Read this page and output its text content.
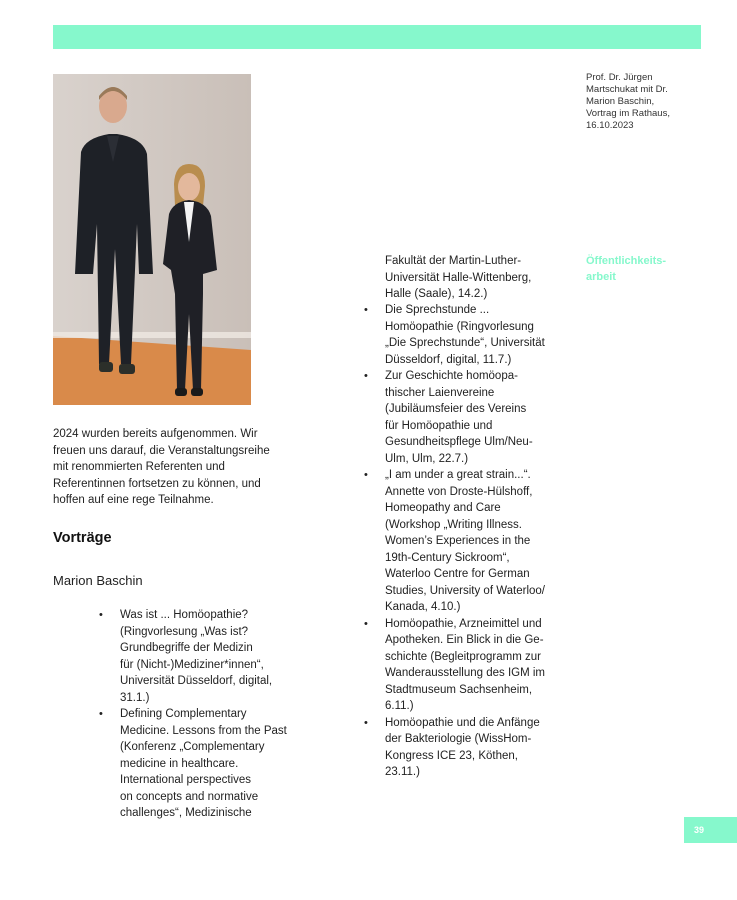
Prof. Dr. Jürgen
Martschukat mit Dr.
Marion Baschin,
Vortrag im Rathaus,
16.10.2023
Öffentlichkeits-
arbeit
2024 wurden bereits aufgenommen. Wir
freuen uns darauf, die Veranstaltungsreihe
mit renommierten Referenten und
Referentinnen fortsetzen zu können, und
hoffen auf eine rege Teilnahme.
Vorträge
Marion Baschin
• Was ist ... Homöopathie?
(Ringvorlesung „Was ist?
Grundbegriffe der Medizin
für (Nicht-)Mediziner*innen“,
Universität Düsseldorf, digital,
31.1.)
• Defining Complementary
Medicine. Lessons from the Past
(Konferenz „Complementary
medicine in healthcare.
International perspectives
on concepts and normative
challenges“, Medizinische
Fakultät der Martin-Luther-
Universität Halle-Wittenberg,
Halle (Saale), 14.2.)
• Die Sprechstunde ...
Homöopathie (Ringvorlesung
„Die Sprechstunde“, Universität
Düsseldorf, digital, 11.7.)
• Zur Geschichte homöopa-
thischer Laienvereine
(Jubiläumsfeier des Vereins
für Homöopathie und
Gesundheitspflege Ulm/Neu-
Ulm, Ulm, 22.7.)
• „I am under a great strain...“.
Annette von Droste-Hülshoff,
Homeopathy and Care
(Workshop „Writing Illness.
Women’s Experiences in the
19th-Century Sickroom“,
Waterloo Centre for German
Studies, University of Waterloo/
Kanada, 4.10.)
• Homöopathie, Arzneimittel und
Apotheken. Ein Blick in die Ge-
schichte (Begleitprogramm zur
Wanderausstellung des IGM im
Stadtmuseum Sachsenheim,
6.11.)
• Homöopathie und die Anfänge
der Bakteriologie (WissHom-
Kongress ICE 23, Köthen,
23.11.)
39
